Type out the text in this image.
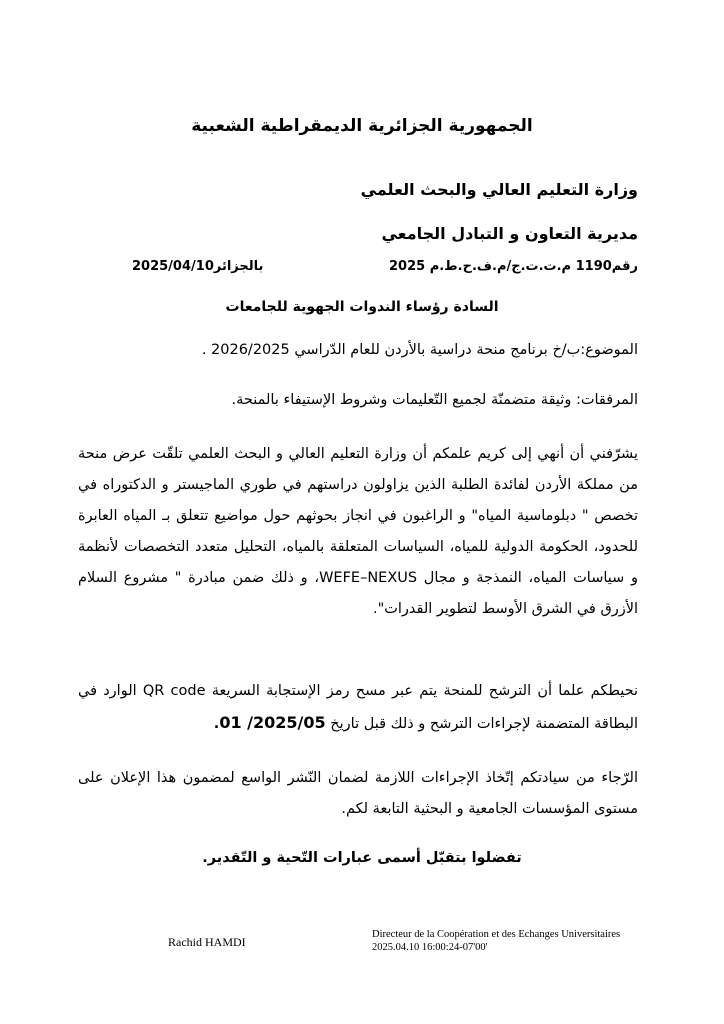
الجمهورية الجزائرية الديمقراطية الشعبية
وزارة التعليم العالي والبحث العلمي
مديرية التعاون و التبادل الجامعي
رقم1190 م.ت.ت.ج/م.ف.ح.ط.م 2025
بالجزائر2025/04/10
السادة رؤساء الندوات الجهوية للجامعات
الموضوع:ب/خ برنامج منحة دراسية بالأردن للعام الدّراسي 2026/2025 .
المرفقات: وثيقة متضمنّة لجميع التّعليمات وشروط الإستيفاء بالمنحة.
يشرّفني أن أنهي إلى كريم علمكم أن وزارة التعليم العالي و البحث العلمي تلقّت عرض منحة من مملكة الأردن لفائدة الطلبة الذين يزاولون دراستهم في طوري الماجيستر و الدكتوراه في تخصص " دبلوماسية المياه" و الراغبون في انجاز بحوثهم حول مواضيع تتعلق بـ المياه العابرة للحدود، الحكومة الدولية للمياه، السياسات المتعلقة بالمياه، التحليل متعدد التخصصات لأنظمة و سياسات المياه، النمذجة و مجال WEFE–NEXUS، و ذلك ضمن مبادرة " مشروع السلام الأزرق في الشرق الأوسط لتطوير القدرات".
نحيطكم علما أن الترشح للمنحة يتم عبر مسح رمز الإستجابة السريعة QR code الوارد في البطاقة المتضمنة لإجراءات الترشح و ذلك قبل تاريخ 01 /2025/05.
الرّجاء من سيادتكم إتّخاذ الإجراءات اللازمة لضمان النّشر الواسع لمضمون هذا الإعلان على مستوى المؤسسات الجامعية و البحثية التابعة لكم.
تفضلوا بتقبّل أسمى عبارات التّحية و التّقدير.
Rachid HAMDI
Directeur de la Coopération et des Echanges Universitaires
2025.04.10 16:00:24-07'00'
